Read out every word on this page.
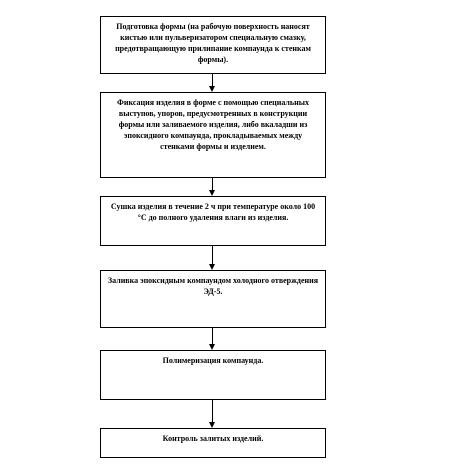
Подготовка формы (на рабочую поверхность наносят кистью или пульверизатором специальную смазку, предотвращающую прилипание компаунда к стенкам формы).
Фиксация изделия в форме с помощью специальных выступов, упоров, предусмотренных в конструкции формы или заливаемого изделия, либо вкаладши из эпоксидного компаунда, прокладываемых между стенками формы и изделием.
Сушка изделия в течение 2 ч при температуре около 100 °С до полного удаления влаги из изделия.
Заливка эпоксидным компаундом холодного отверждения ЭД-5.
Полимеризация компаунда.
Контроль залитых изделий.
